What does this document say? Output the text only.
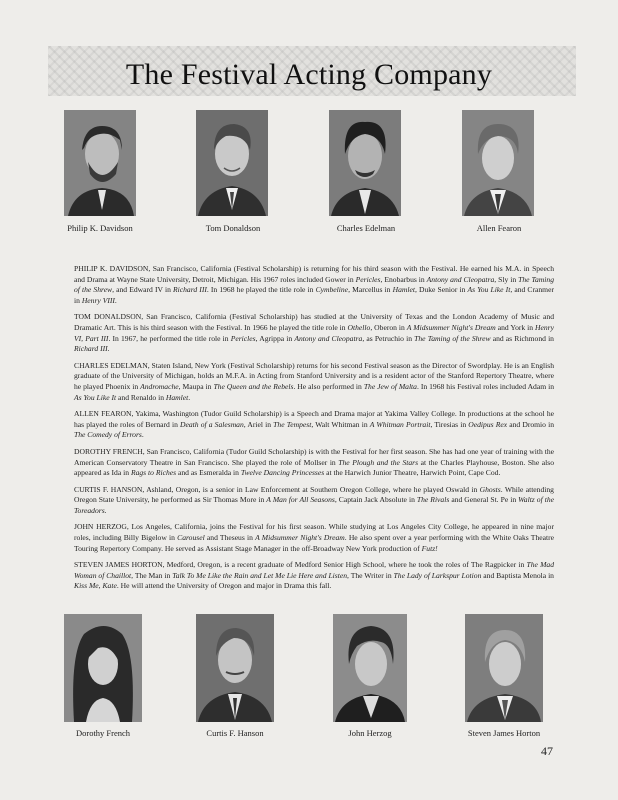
The Festival Acting Company
Philip K. Davidson	Tom Donaldson	Charles Edelman	Allen Fearon

PHILIP K. DAVIDSON, San Francisco, California (Festival Scholarship) is returning for his third season with the Festival. He earned his M.A. in Speech and Drama at Wayne State University, Detroit, Michigan. His 1967 roles included Gower in Pericles, Enobarbus in Antony and Cleopatra, Sly in The Taming of the Shrew, and Edward IV in Richard III. In 1968 he played the title role in Cymbeline, Marcellus in Hamlet, Duke Senior in As You Like It, and Cranmer in Henry VIII.

TOM DONALDSON, San Francisco, California (Festival Scholarship) has studied at the University of Texas and the London Academy of Music and Dramatic Art. This is his third season with the Festival. In 1966 he played the title role in Othello, Oberon in A Midsummer Night's Dream and York in Henry VI, Part III. In 1967, he performed the title role in Pericles, Agrippa in Antony and Cleopatra, as Petruchio in The Taming of the Shrew and as Richmond in Richard III.

CHARLES EDELMAN, Staten Island, New York (Festival Scholarship) returns for his second Festival season as the Director of Swordplay. He is an English graduate of the University of Michigan, holds an M.F.A. in Acting from Stanford University and is a resident actor of the Stanford Repertory Theatre, where he played Phoenix in Andromache, Maupa in The Queen and the Rebels. He also performed in The Jew of Malta. In 1968 his Festival roles included Adam in As You Like It and Renaldo in Hamlet.

ALLEN FEARON, Yakima, Washington (Tudor Guild Scholarship) is a Speech and Drama major at Yakima Valley College. In productions at the school he has played the roles of Bernard in Death of a Salesman, Ariel in The Tempest, Walt Whitman in A Whitman Portrait, Tiresias in Oedipus Rex and Dromio in The Comedy of Errors.

DOROTHY FRENCH, San Francisco, California (Tudor Guild Scholarship) is with the Festival for her first season. She has had one year of training with the American Conservatory Theatre in San Francisco. She played the role of Mollser in The Plough and the Stars at the Charles Playhouse, Boston. She also appeared as Ida in Rags to Riches and as Esmeralda in Twelve Dancing Princesses at the Harwich Junior Theatre, Harwich Point, Cape Cod.

CURTIS F. HANSON, Ashland, Oregon, is a senior in Law Enforcement at Southern Oregon College, where he played Oswald in Ghosts. While attending Oregon State University, he performed as Sir Thomas More in A Man for All Seasons, Captain Jack Absolute in The Rivals and General St. Pe in Waltz of the Toreadors.

JOHN HERZOG, Los Angeles, California, joins the Festival for his first season. While studying at Los Angeles City College, he appeared in nine major roles, including Billy Bigelow in Carousel and Theseus in A Midsummer Night's Dream. He also spent over a year performing with the White Oaks Theatre Touring Repertory Company. He served as Assistant Stage Manager in the off-Broadway New York production of Futz!

STEVEN JAMES HORTON, Medford, Oregon, is a recent graduate of Medford Senior High School, where he took the roles of The Ragpicker in The Mad Woman of Chaillot, The Man in Talk To Me Like the Rain and Let Me Lie Here and Listen, The Writer in The Lady of Larkspur Lotion and Baptista Menola in Kiss Me, Kate. He will attend the University of Oregon and major in Drama this fall.

Dorothy French	Curtis F. Hanson	John Herzog	Steven James Horton
47
